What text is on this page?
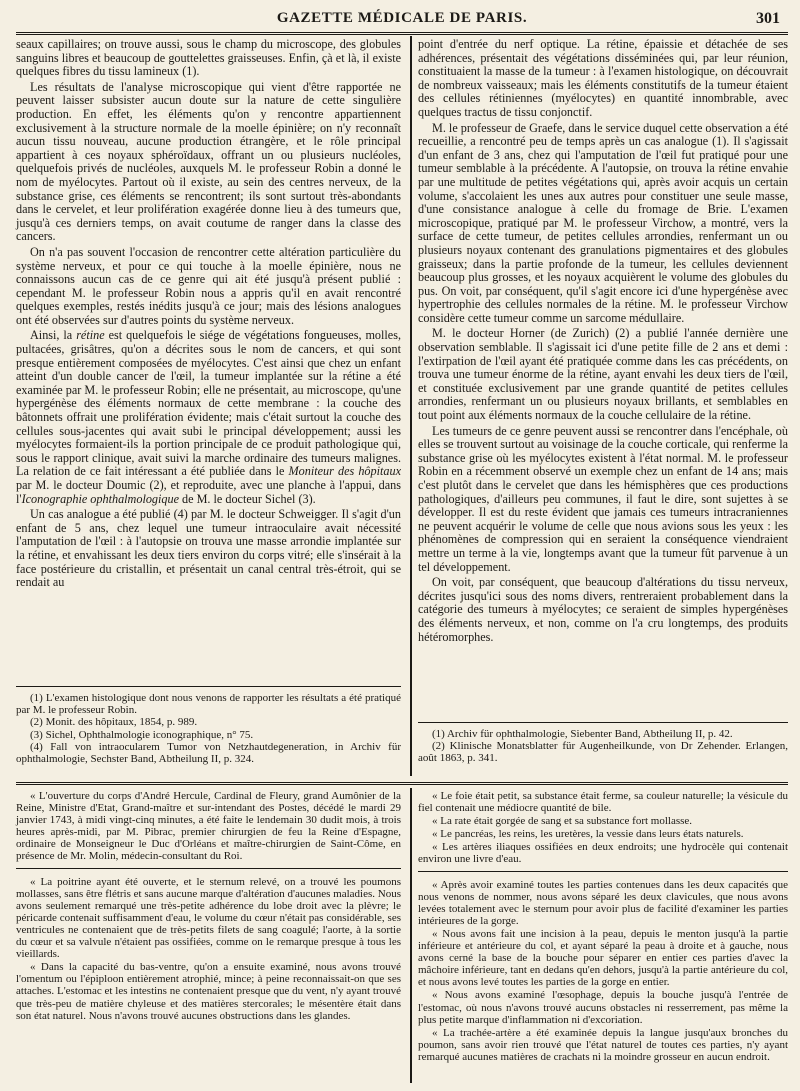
GAZETTE MÉDICALE DE PARIS.	301

seaux capillaires; on trouve aussi, sous le champ du microscope, des globules sanguins libres et beaucoup de gouttelettes graisseuses. Enfin, çà et là, il existe quelques fibres du tissu lamineux (1).

Les résultats de l'analyse microscopique qui vient d'être rapportée ne peuvent laisser subsister aucun doute sur la nature de cette singulière production. En effet, les éléments qu'on y rencontre appartiennent exclusivement à la structure normale de la moelle épinière; on n'y reconnaît aucun tissu nouveau, aucune production étrangère, et le rôle principal appartient à ces noyaux sphéroïdaux, offrant un ou plusieurs nucléoles, quelquefois privés de nucléoles, auxquels M. le professeur Robin a donné le nom de myélocytes. Partout où il existe, au sein des centres nerveux, de la substance grise, ces éléments se rencontrent; ils sont surtout très-abondants dans le cervelet, et leur prolifération exagérée donne lieu à des tumeurs que, jusqu'à ces derniers temps, on avait coutume de ranger dans la classe des cancers.

On n'a pas souvent l'occasion de rencontrer cette altération particulière du système nerveux, et pour ce qui touche à la moelle épinière, nous ne connaissons aucun cas de ce genre qui ait été jusqu'à présent publié : cependant M. le professeur Robin nous a appris qu'il en avait rencontré quelques exemples, restés inédits jusqu'à ce jour; mais des lésions analogues ont été observées sur d'autres points du système nerveux.

Ainsi, la rétine est quelquefois le siége de végétations fongueuses, molles, pultacées, grisâtres, qu'on a décrites sous le nom de cancers, et qui sont presque entièrement composées de myélocytes. C'est ainsi que chez un enfant atteint d'un double cancer de l'œil, la tumeur implantée sur la rétine a été examinée par M. le professeur Robin; elle ne présentait, au microscope, qu'une hypergénèse des éléments normaux de cette membrane : la couche des bâtonnets offrait une prolifération évidente; mais c'était surtout la couche des cellules sous-jacentes qui avait subi le principal développement; aussi les myélocytes formaient-ils la portion principale de ce produit pathologique qui, sous le rapport clinique, avait suivi la marche ordinaire des tumeurs malignes. La relation de ce fait intéressant a été publiée dans le Moniteur des hôpitaux par M. le docteur Doumic (2), et reproduite, avec une planche à l'appui, dans l'Iconographie ophthalmologique de M. le docteur Sichel (3).

Un cas analogue a été publié (4) par M. le docteur Schweigger. Il s'agit d'un enfant de 5 ans, chez lequel une tumeur intraoculaire avait nécessité l'amputation de l'œil : à l'autopsie on trouva une masse arrondie implantée sur la rétine, et envahissant les deux tiers environ du corps vitré; elle s'insérait à la face postérieure du cristallin, et présentait un canal central très-étroit, qui se rendait au

(1) L'examen histologique dont nous venons de rapporter les résultats a été pratiqué par M. le professeur Robin.
(2) Monit. des hôpitaux, 1854, p. 989.
(3) Sichel, Ophthalmologie iconographique, n° 75.
(4) Fall von intraocularem Tumor von Netzhautdegeneration, in Archiv für ophthalmologie, Sechster Band, Abtheilung II, p. 324.

point d'entrée du nerf optique. La rétine, épaissie et détachée de ses adhérences, présentait des végétations disséminées qui, par leur réunion, constituaient la masse de la tumeur : à l'examen histologique, on découvrait de nombreux vaisseaux; mais les éléments constitutifs de la tumeur étaient des cellules rétiniennes (myélocytes) en quantité innombrable, avec quelques tractus de tissu conjonctif.

M. le professeur de Graefe, dans le service duquel cette observation a été recueillie, a rencontré peu de temps après un cas analogue (1). Il s'agissait d'un enfant de 3 ans, chez qui l'amputation de l'œil fut pratiqué pour une tumeur semblable à la précédente. A l'autopsie, on trouva la rétine envahie par une multitude de petites végétations qui, après avoir acquis un certain volume, s'accolaient les unes aux autres pour constituer une seule masse, d'une consistance analogue à celle du fromage de Brie. L'examen microscopique, pratiqué par M. le professeur Virchow, a montré, vers la surface de cette tumeur, de petites cellules arrondies, renfermant un ou plusieurs noyaux contenant des granulations pigmentaires et des globules graisseux; dans la partie profonde de la tumeur, les cellules deviennent beaucoup plus grosses, et les noyaux acquièrent le volume des globules du pus. On voit, par conséquent, qu'il s'agit encore ici d'une hypergénèse avec hypertrophie des cellules normales de la rétine. M. le professeur Virchow considère cette tumeur comme un sarcome médullaire.

M. le docteur Horner (de Zurich) (2) a publié l'année dernière une observation semblable. Il s'agissait ici d'une petite fille de 2 ans et demi : l'extirpation de l'œil ayant été pratiquée comme dans les cas précédents, on trouva une tumeur énorme de la rétine, ayant envahi les deux tiers de l'œil, et constituée exclusivement par une grande quantité de petites cellules arrondies, renfermant un ou plusieurs noyaux brillants, et semblables en tout point aux éléments normaux de la couche cellulaire de la rétine.

Les tumeurs de ce genre peuvent aussi se rencontrer dans l'encéphale, où elles se trouvent surtout au voisinage de la couche corticale, qui renferme la substance grise où les myélocytes existent à l'état normal. M. le professeur Robin en a récemment observé un exemple chez un enfant de 14 ans; mais c'est plutôt dans le cervelet que dans les hémisphères que ces productions pathologiques, d'ailleurs peu communes, il faut le dire, sont sujettes à se développer. Il est du reste évident que jamais ces tumeurs intracraniennes ne peuvent acquérir le volume de celle que nous avions sous les yeux : les phénomènes de compression qui en seraient la conséquence viendraient mettre un terme à la vie, longtemps avant que la tumeur fût parvenue à un tel développement.

On voit, par conséquent, que beaucoup d'altérations du tissu nerveux, décrites jusqu'ici sous des noms divers, rentreraient probablement dans la catégorie des tumeurs à myélocytes; ce seraient de simples hypergénèses des éléments nerveux, et non, comme on l'a cru longtemps, des produits hétéromorphes.

(1) Archiv für ophthalmologie, Siebenter Band, Abtheilung II, p. 42.
(2) Klinische Monatsblatter für Augenheilkunde, von Dr Zehender. Erlangen, août 1863, p. 341.

« L'ouverture du corps d'André Hercule, Cardinal de Fleury, grand Aumônier de la Reine, Ministre d'Etat, Grand-maître et sur-intendant des Postes, décédé le mardi 29 janvier 1743, à midi vingt-cinq minutes, a été faite le lendemain 30 dudit mois, à trois heures après-midi, par M. Pibrac, premier chirurgien de feu la Reine d'Espagne, ordinaire de Monseigneur le Duc d'Orléans et maître-chirurgien de Saint-Côme, en présence de Mr. Molin, médecin-consultant du Roi.

« La poitrine ayant été ouverte, et le sternum relevé, on a trouvé les poumons mollasses, sans être flétris et sans aucune marque d'altération d'aucunes maladies. Nous avons seulement remarqué une très-petite adhérence du lobe droit avec la plèvre; le péricarde contenait suffisamment d'eau, le volume du cœur n'était pas considérable, ses ventricules ne contenaient que de très-petits filets de sang coagulé; l'aorte, à la sortie du cœur et sa valvule n'étaient pas ossifiées, comme on le remarque presque à tous les vieillards.

« Dans la capacité du bas-ventre, qu'on a ensuite examiné, nous avons trouvé l'omentum ou l'épiploon entièrement atrophié, mince; à peine reconnaissait-on que ses attaches. L'estomac et les intestins ne contenaient presque que du vent, n'y ayant trouvé que très-peu de matière chyleuse et des matières stercorales; le mésentère était dans son état naturel. Nous n'avons trouvé aucunes obstructions dans les glandes.

« Le foie était petit, sa substance était ferme, sa couleur naturelle; la vésicule du fiel contenait une médiocre quantité de bile.

« La rate était gorgée de sang et sa substance fort mollasse.

« Le pancréas, les reins, les uretères, la vessie dans leurs états naturels.

« Les artères iliaques ossifiées en deux endroits; une hydrocèle qui contenait environ une livre d'eau.

« Après avoir examiné toutes les parties contenues dans les deux capacités que nous venons de nommer, nous avons séparé les deux clavicules, que nous avons levées totalement avec le sternum pour avoir plus de facilité d'examiner les parties intérieures de la gorge.

« Nous avons fait une incision à la peau, depuis le menton jusqu'à la partie inférieure et antérieure du col, et ayant séparé la peau à droite et à gauche, nous avons cerné la base de la bouche pour séparer en entier ces parties d'avec la mâchoire inférieure, tant en dedans qu'en dehors, jusqu'à la partie antérieure du col, et nous avons levé toutes les parties de la gorge en entier.

« Nous avons examiné l'œsophage, depuis la bouche jusqu'à l'entrée de l'estomac, où nous n'avons trouvé aucuns obstacles ni resserrement, pas même la plus petite marque d'inflammation ni d'excoriation.

« La trachée-artère a été examinée depuis la langue jusqu'aux bronches du poumon, sans avoir rien trouvé que l'état naturel de toutes ces parties, n'y ayant remarqué aucunes matières de crachats ni la moindre grosseur en aucun endroit.
